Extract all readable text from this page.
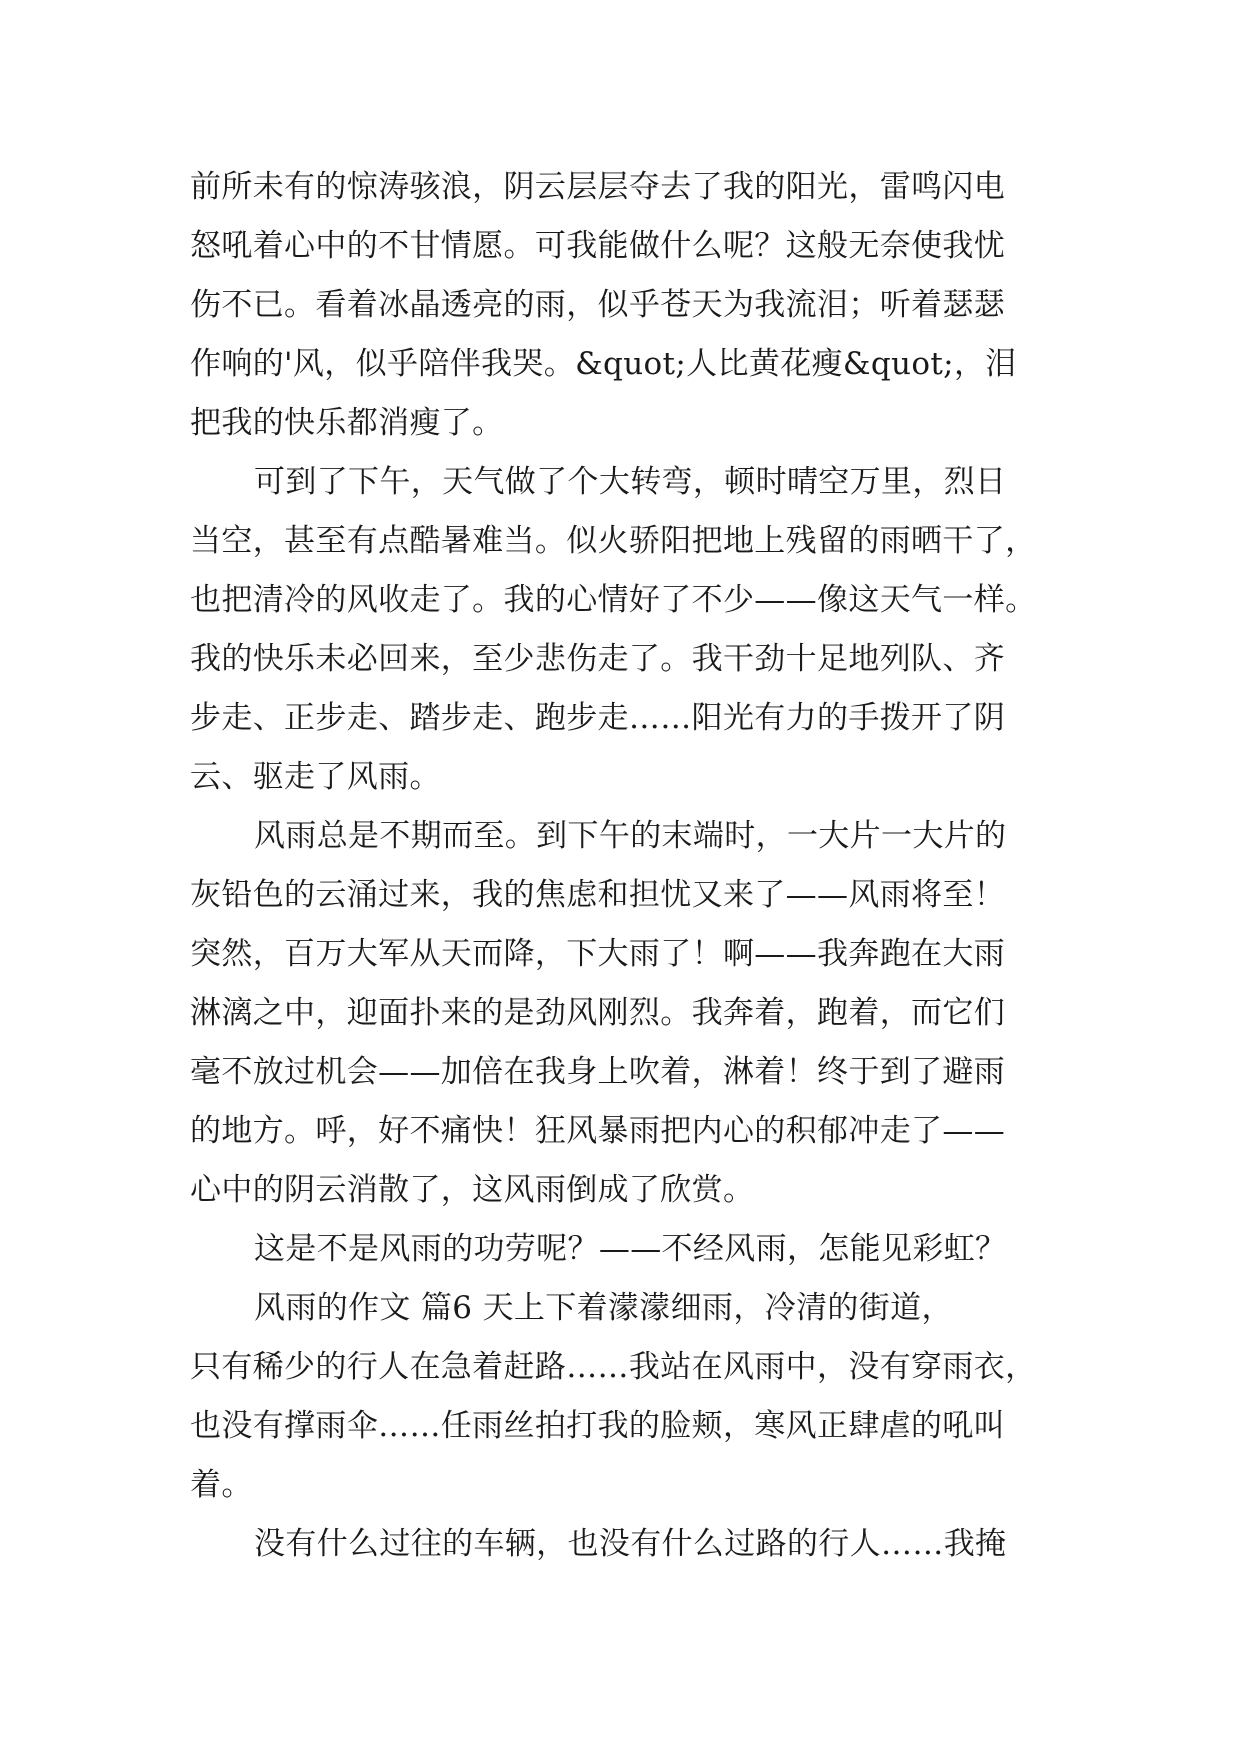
前所未有的惊涛骇浪，阴云层层夺去了我的阳光，雷鸣闪电
怒吼着心中的不甘情愿。可我能做什么呢？这般无奈使我忧
伤不已。看着冰晶透亮的雨，似乎苍天为我流泪；听着瑟瑟
作响的'风，似乎陪伴我哭。&quot;人比黄花瘦&quot;，泪
把我的快乐都消瘦了。
可到了下午，天气做了个大转弯，顿时晴空万里，烈日
当空，甚至有点酷暑难当。似火骄阳把地上残留的雨晒干了，
也把清冷的风收走了。我的心情好了不少——像这天气一样。
我的快乐未必回来，至少悲伤走了。我干劲十足地列队、齐
步走、正步走、踏步走、跑步走……阳光有力的手拨开了阴
云、驱走了风雨。
风雨总是不期而至。到下午的末端时，一大片一大片的
灰铅色的云涌过来，我的焦虑和担忧又来了——风雨将至！
突然，百万大军从天而降，下大雨了！啊——我奔跑在大雨
淋漓之中，迎面扑来的是劲风刚烈。我奔着，跑着，而它们
毫不放过机会——加倍在我身上吹着，淋着！终于到了避雨
的地方。呼，好不痛快！狂风暴雨把内心的积郁冲走了——
心中的阴云消散了，这风雨倒成了欣赏。
这是不是风雨的功劳呢？——不经风雨，怎能见彩虹？
风雨的作文 篇6 天上下着濛濛细雨，冷清的街道，
只有稀少的行人在急着赶路……我站在风雨中，没有穿雨衣，
也没有撑雨伞……任雨丝拍打我的脸颊，寒风正肆虐的吼叫
着。
没有什么过往的车辆，也没有什么过路的行人……我掩
